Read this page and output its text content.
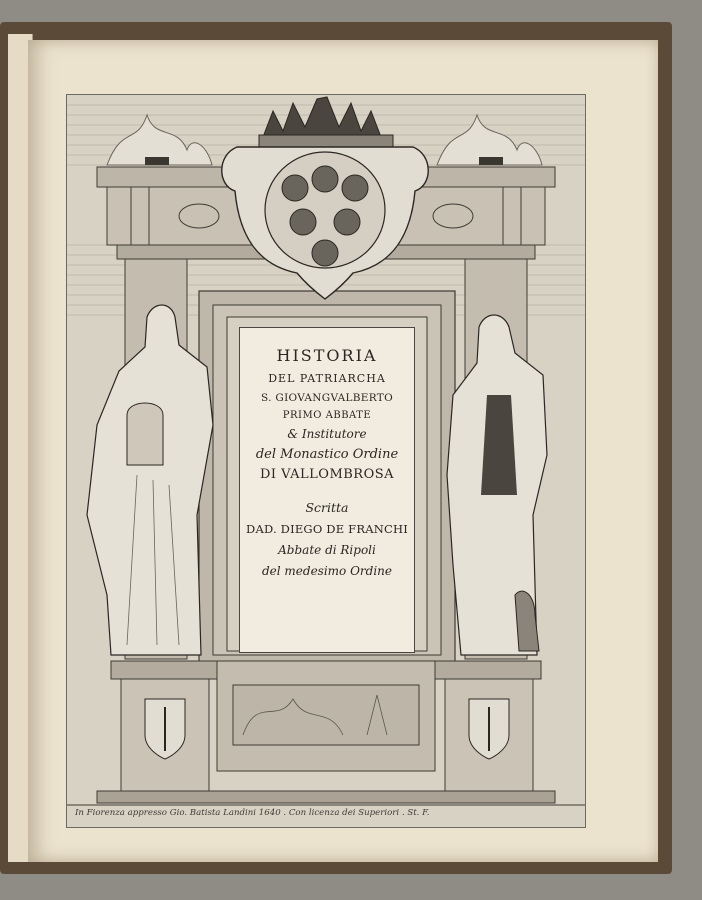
HISTORIA
DEL PATRIARCHA
S. GIOVANGVALBERTO
PRIMO ABBATE
& Institutore
del Monastico Ordine
DI VALLOMBROSA
Scritta
DAD. DIEGO DE FRANCHI
Abbate di Ripoli
del medesimo Ordine
In Fiorenza appresso Gio. Batista Landini 1640 . Con licenza dei Superiori . St. F.
